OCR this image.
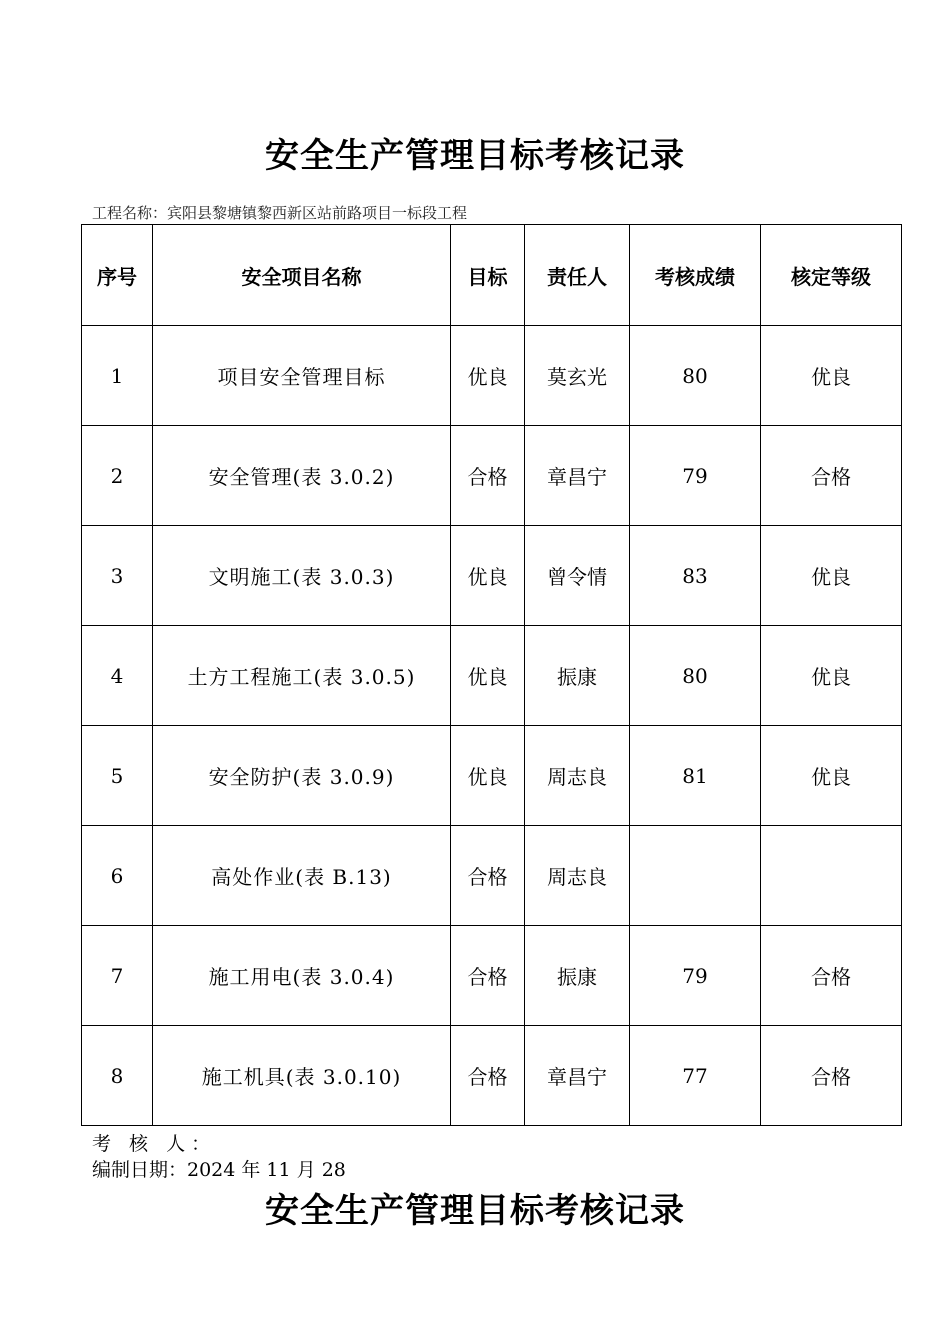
安全生产管理目标考核记录
工程名称：宾阳县黎塘镇黎西新区站前路项目一标段工程
序号	安全项目名称	目标	责任人	考核成绩	核定等级
1	项目安全管理目标	优良	莫玄光	80	优良
2	安全管理(表 3.0.2)	合格	章昌宁	79	合格
3	文明施工(表 3.0.3)	优良	曾令情	83	优良
4	土方工程施工(表 3.0.5)	优良	振康	80	优良
5	安全防护(表 3.0.9)	优良	周志良	81	优良
6	高处作业(表 B.13)	合格	周志良		
7	施工用电(表 3.0.4)	合格	振康	79	合格
8	施工机具(表 3.0.10)	合格	章昌宁	77	合格
考 核 人：
编制日期：2024 年 11 月 28
安全生产管理目标考核记录
